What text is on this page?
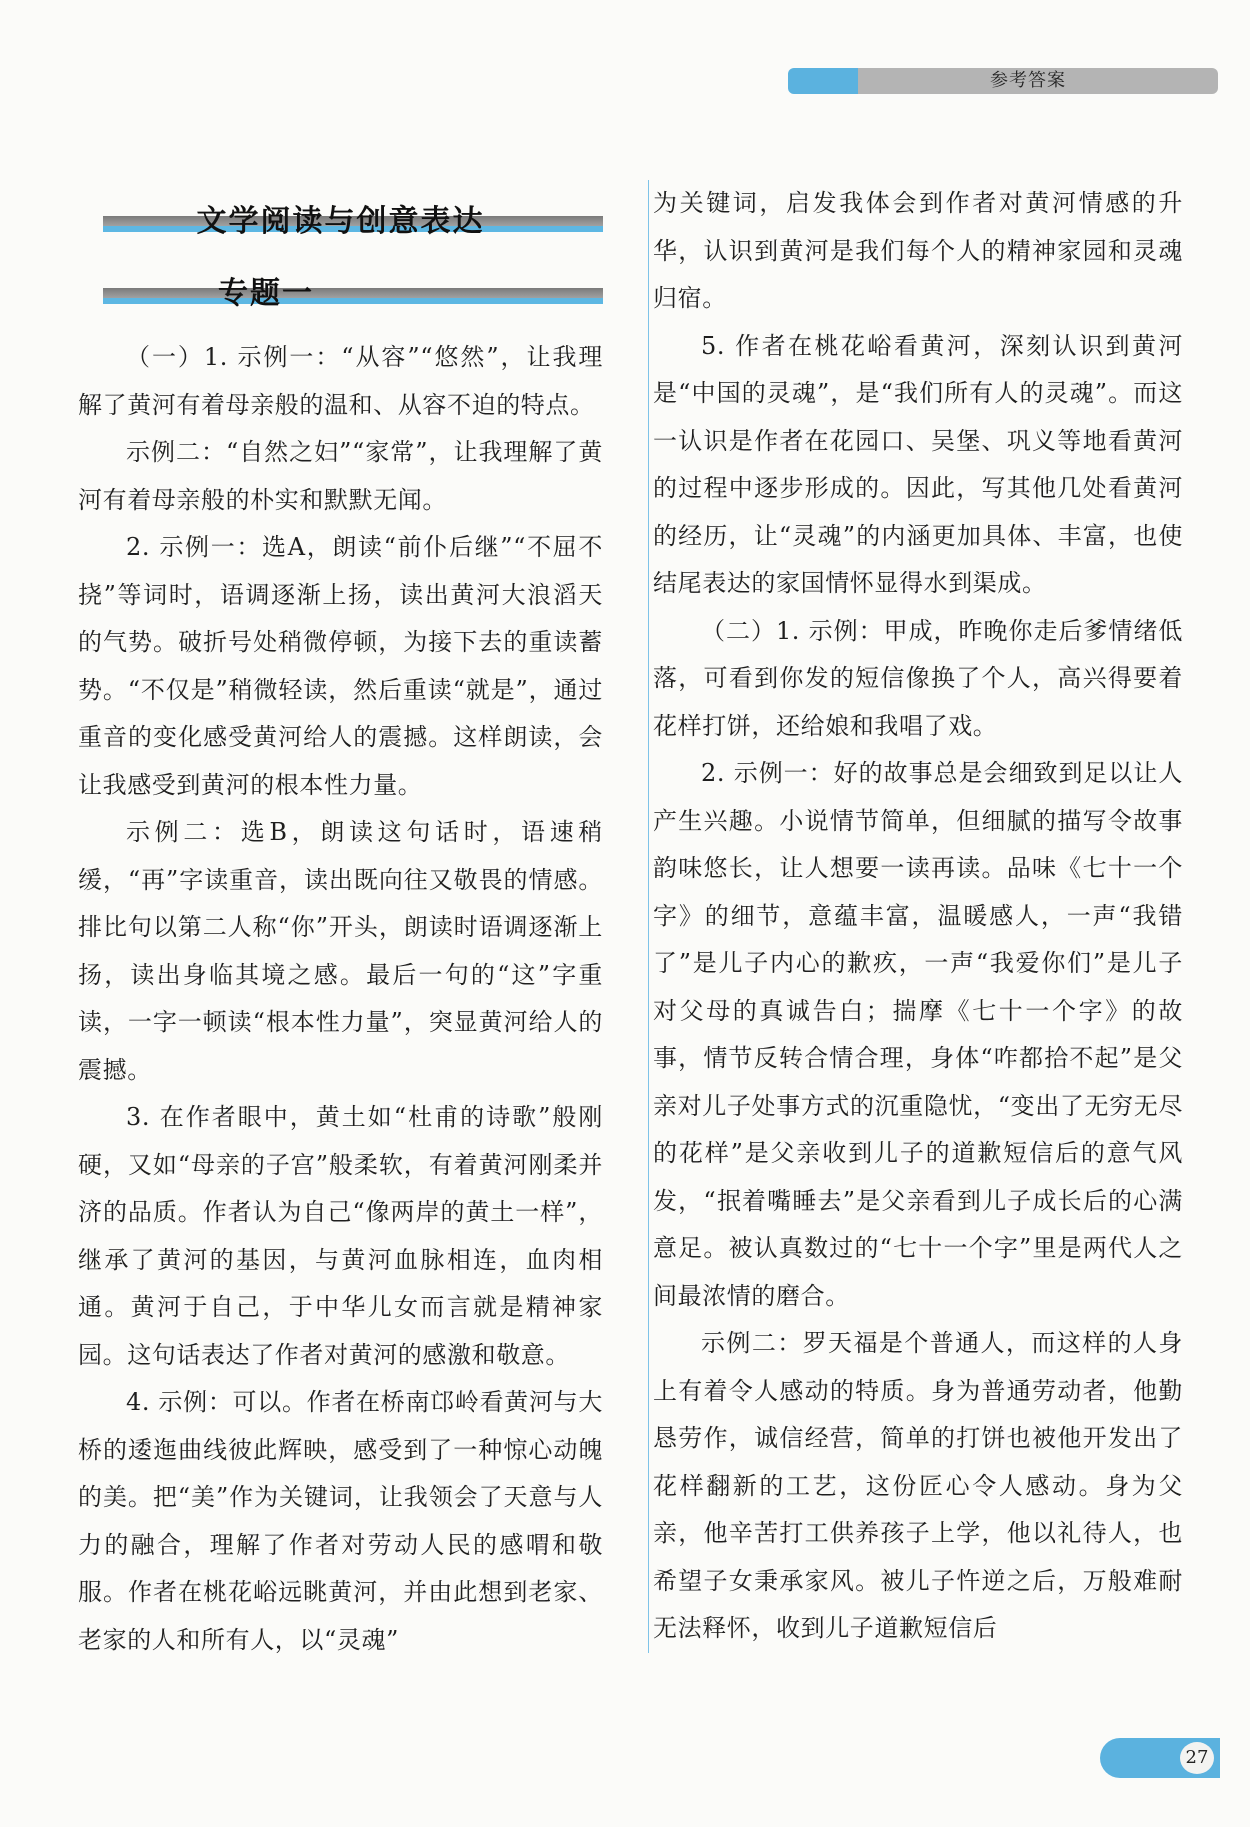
参考答案
文学阅读与创意表达
专题一

（一）1. 示例一：“从容”“悠然”，让我理解了黄河有着母亲般的温和、从容不迫的特点。

示例二：“自然之妇”“家常”，让我理解了黄河有着母亲般的朴实和默默无闻。

2. 示例一：选A，朗读“前仆后继”“不屈不挠”等词时，语调逐渐上扬，读出黄河大浪滔天的气势。破折号处稍微停顿，为接下去的重读蓄势。“不仅是”稍微轻读，然后重读“就是”，通过重音的变化感受黄河给人的震撼。这样朗读，会让我感受到黄河的根本性力量。

示例二：选B，朗读这句话时，语速稍缓，“再”字读重音，读出既向往又敬畏的情感。排比句以第二人称“你”开头，朗读时语调逐渐上扬，读出身临其境之感。最后一句的“这”字重读，一字一顿读“根本性力量”，突显黄河给人的震撼。

3. 在作者眼中，黄土如“杜甫的诗歌”般刚硬，又如“母亲的子宫”般柔软，有着黄河刚柔并济的品质。作者认为自己“像两岸的黄土一样”，继承了黄河的基因，与黄河血脉相连，血肉相通。黄河于自己，于中华儿女而言就是精神家园。这句话表达了作者对黄河的感激和敬意。

4. 示例：可以。作者在桥南邙岭看黄河与大桥的逶迤曲线彼此辉映，感受到了一种惊心动魄的美。把“美”作为关键词，让我领会了天意与人力的融合，理解了作者对劳动人民的感喟和敬服。作者在桃花峪远眺黄河，并由此想到老家、老家的人和所有人，以“灵魂”

为关键词，启发我体会到作者对黄河情感的升华，认识到黄河是我们每个人的精神家园和灵魂归宿。

5. 作者在桃花峪看黄河，深刻认识到黄河是“中国的灵魂”，是“我们所有人的灵魂”。而这一认识是作者在花园口、吴堡、巩义等地看黄河的过程中逐步形成的。因此，写其他几处看黄河的经历，让“灵魂”的内涵更加具体、丰富，也使结尾表达的家国情怀显得水到渠成。

（二）1. 示例：甲成，昨晚你走后爹情绪低落，可看到你发的短信像换了个人，高兴得要着花样打饼，还给娘和我唱了戏。

2. 示例一：好的故事总是会细致到足以让人产生兴趣。小说情节简单，但细腻的描写令故事韵味悠长，让人想要一读再读。品味《七十一个字》的细节，意蕴丰富，温暖感人，一声“我错了”是儿子内心的歉疚，一声“我爱你们”是儿子对父母的真诚告白；揣摩《七十一个字》的故事，情节反转合情合理，身体“咋都拾不起”是父亲对儿子处事方式的沉重隐忧，“变出了无穷无尽的花样”是父亲收到儿子的道歉短信后的意气风发，“抿着嘴睡去”是父亲看到儿子成长后的心满意足。被认真数过的“七十一个字”里是两代人之间最浓情的磨合。

示例二：罗天福是个普通人，而这样的人身上有着令人感动的特质。身为普通劳动者，他勤恳劳作，诚信经营，简单的打饼也被他开发出了花样翻新的工艺，这份匠心令人感动。身为父亲，他辛苦打工供养孩子上学，他以礼待人，也希望子女秉承家风。被儿子忤逆之后，万般难耐无法释怀，收到儿子道歉短信后

27
